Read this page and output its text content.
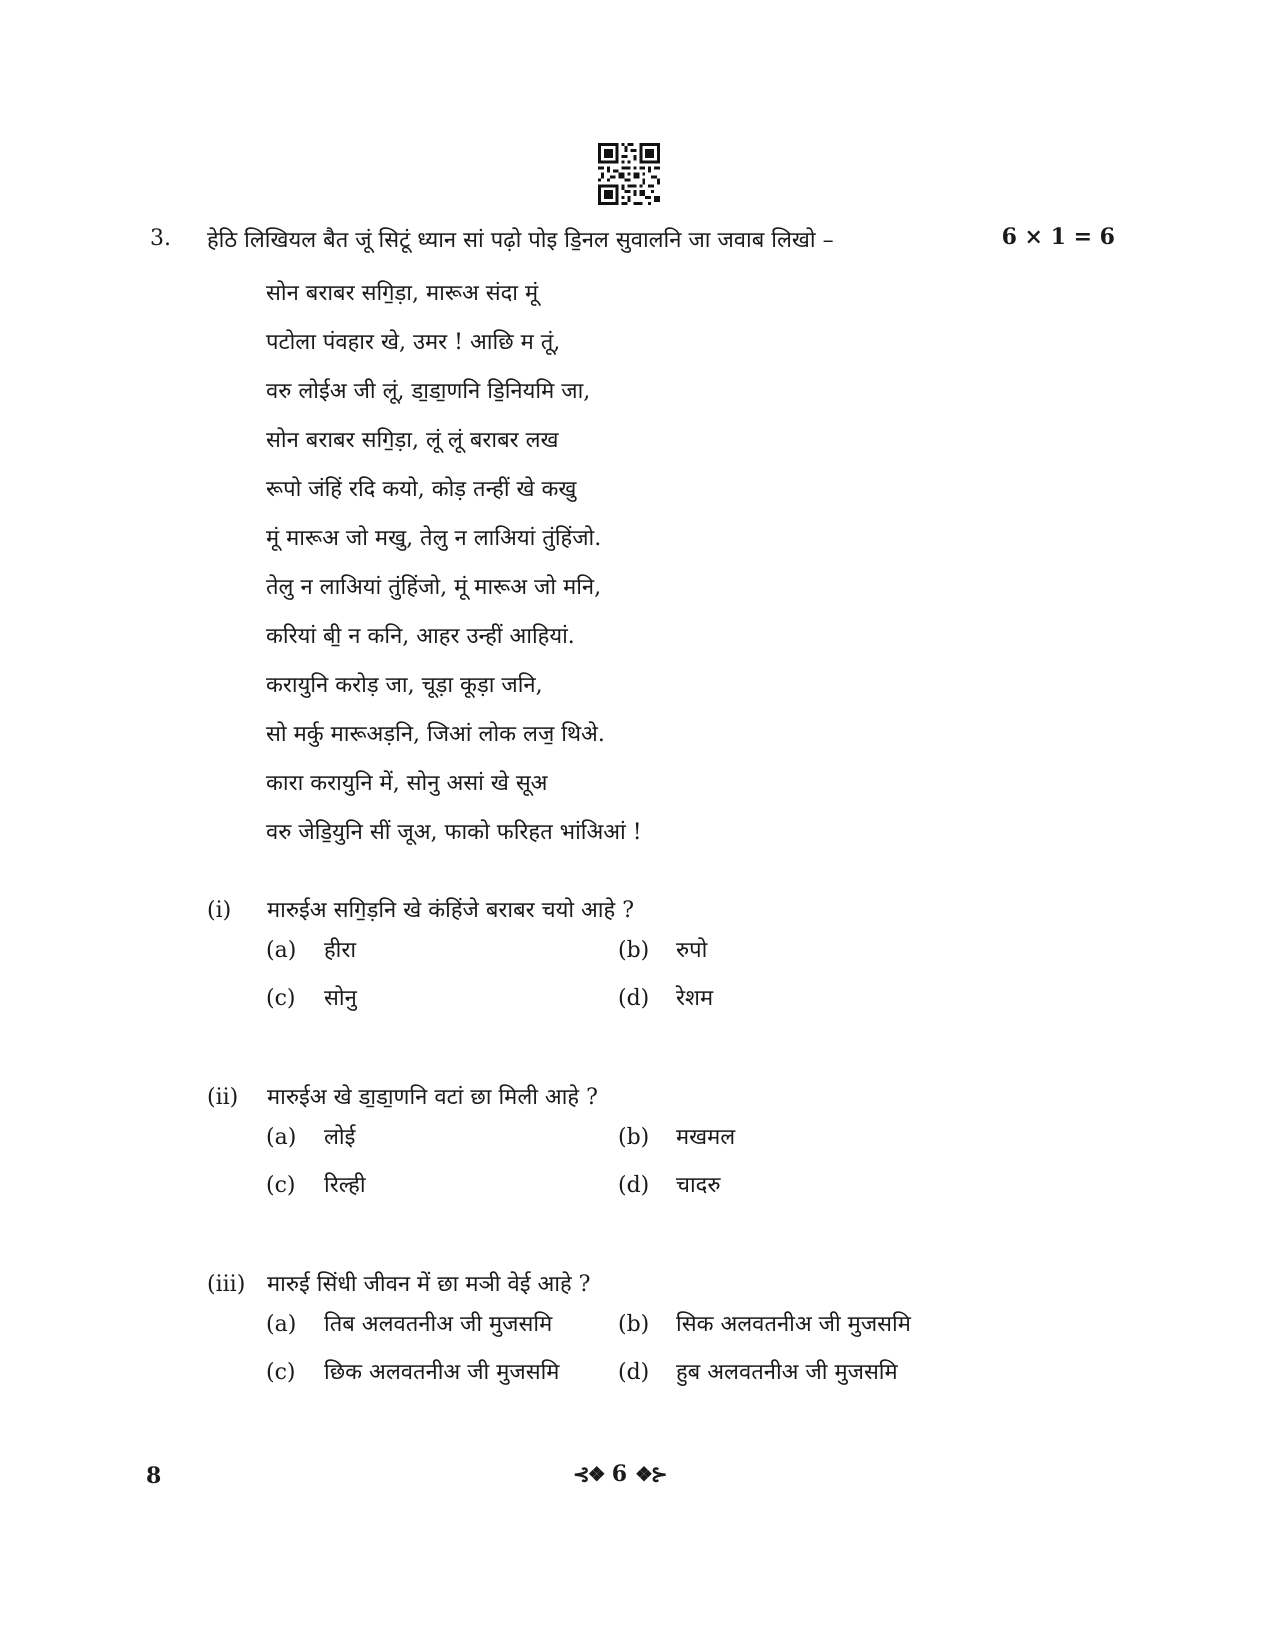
3. हेठि लिखियल बैत जूं सिटूं ध्यान सां पढ़ो पोइ डि॒नल सुवालनि जा जवाब लिखो –	6 × 1 = 6
सोन बराबर सगि॒ड़ा, मारूअ संदा मूं
पटोला पंवहार खे, उमर ! आछि म तूं,
वरु लोईअ जी लूं, डा॒डा॒णनि डि॒नियमि जा,
सोन बराबर सगि॒ड़ा, लूं लूं बराबर लख
रूपो जंहिं रदि कयो, कोड़ तन्हीं खे कखु
मूं मारूअ जो मखु, तेलु न लाअियां तुंहिंजो.
तेलु न लाअियां तुंहिंजो, मूं मारूअ जो मनि,
करियां बी॒ न कनि, आहर उन्हीं आहियां.
करायुनि करोड़ जा, चूड़ा कूड़ा जनि,
सो मर्कु मारूअड़नि, जिआं लोक लज॒ थिअे.
कारा करायुनि में, सोनु असां खे सूअ
वरु जेडि॒युनि सीं जूअ, फाको फरिहत भांअिआं !
(i) मारुईअ सगि॒ड़नि खे कंहिंजे बराबर चयो आहे ?
(a) हीरा	(b) रुपो
(c) सोनु	(d) रेशम
(ii) मारुईअ खे डा॒डा॒णनि वटां छा मिली आहे ?
(a) लोई	(b) मखमल
(c) रिल्ही	(d) चादरु
(iii) मारुई सिंधी जीवन में छा मञी वेई आहे ?
(a) तिब अलवतनीअ जी मुजसमि	(b) सिक अलवतनीअ जी मुजसमि
(c) छिक अलवतनीअ जी मुजसमि	(d) हुब अलवतनीअ जी मुजसमि
8	⊰❖ 6 ❖⊱
